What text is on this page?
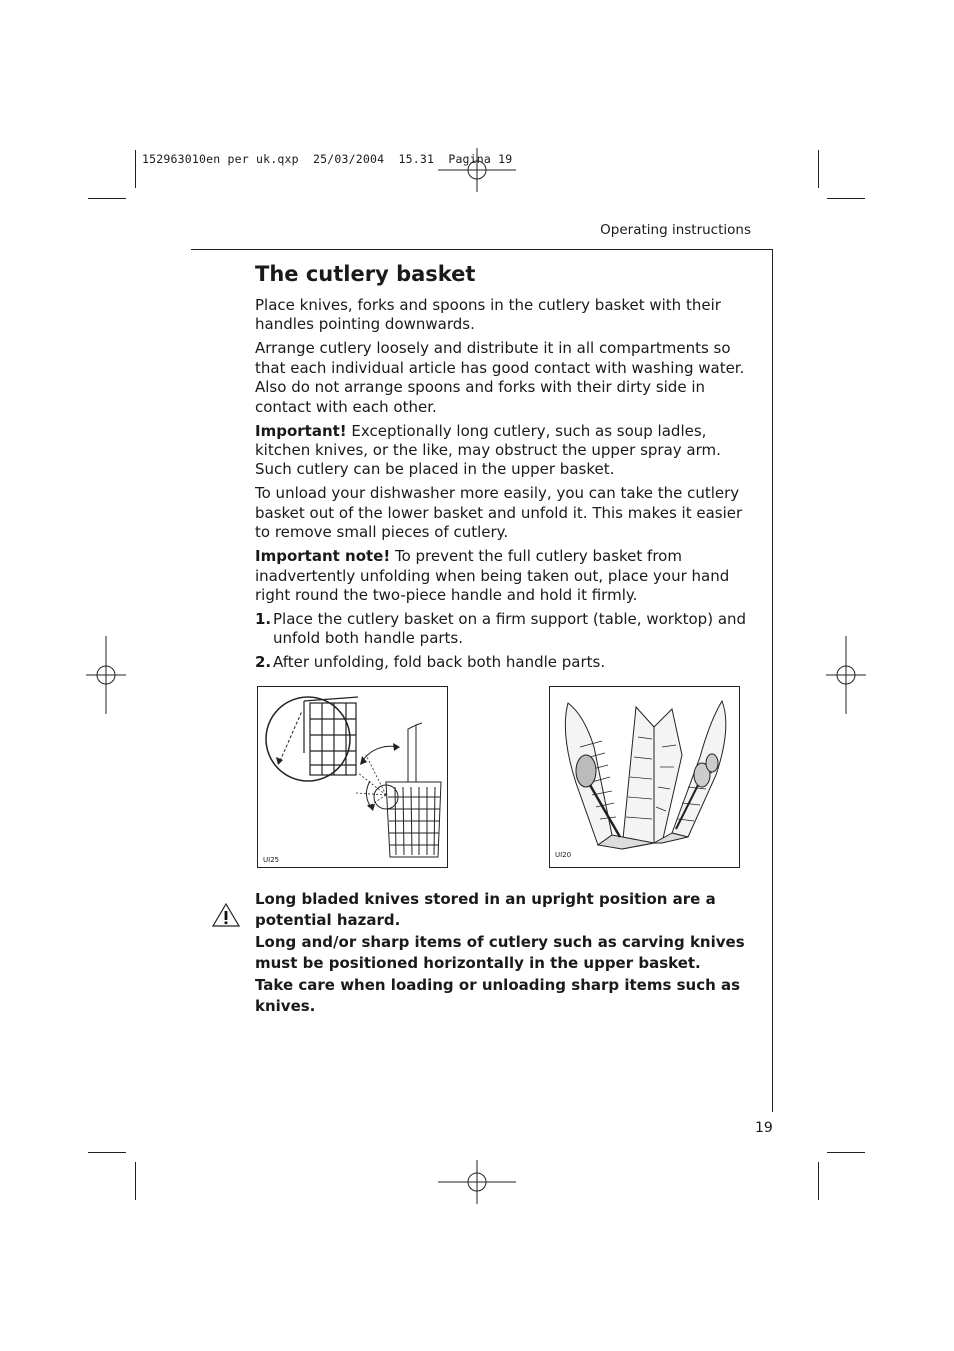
152963010en per uk.qxp  25/03/2004  15.31  Pagina 19
Operating instructions
The cutlery basket

Place knives, forks and spoons in the cutlery basket with their handles pointing downwards.

Arrange cutlery loosely and distribute it in all compartments so that each individual article has good contact with washing water. Also do not arrange spoons and forks with their dirty side in contact with each other.

Important! Exceptionally long cutlery, such as soup ladles, kitchen knives, or the like, may obstruct the upper spray arm. Such cutlery can be placed in the upper basket.

To unload your dishwasher more easily, you can take the cutlery basket out of the lower basket and unfold it. This makes it easier to remove small pieces of cutlery.

Important note! To prevent the full cutlery basket from inadvertently unfolding when being taken out, place your hand right round the two-piece handle and hold it firmly.

1. Place the cutlery basket on a firm support (table, worktop) and unfold both handle parts.
2. After unfolding, fold back both handle parts.
UI25
UI20

Long bladed knives stored in an upright position are a potential hazard.

Long and/or sharp items of cutlery such as carving knives must be positioned horizontally in the upper basket.

Take care when loading or unloading sharp items such as knives.

19
